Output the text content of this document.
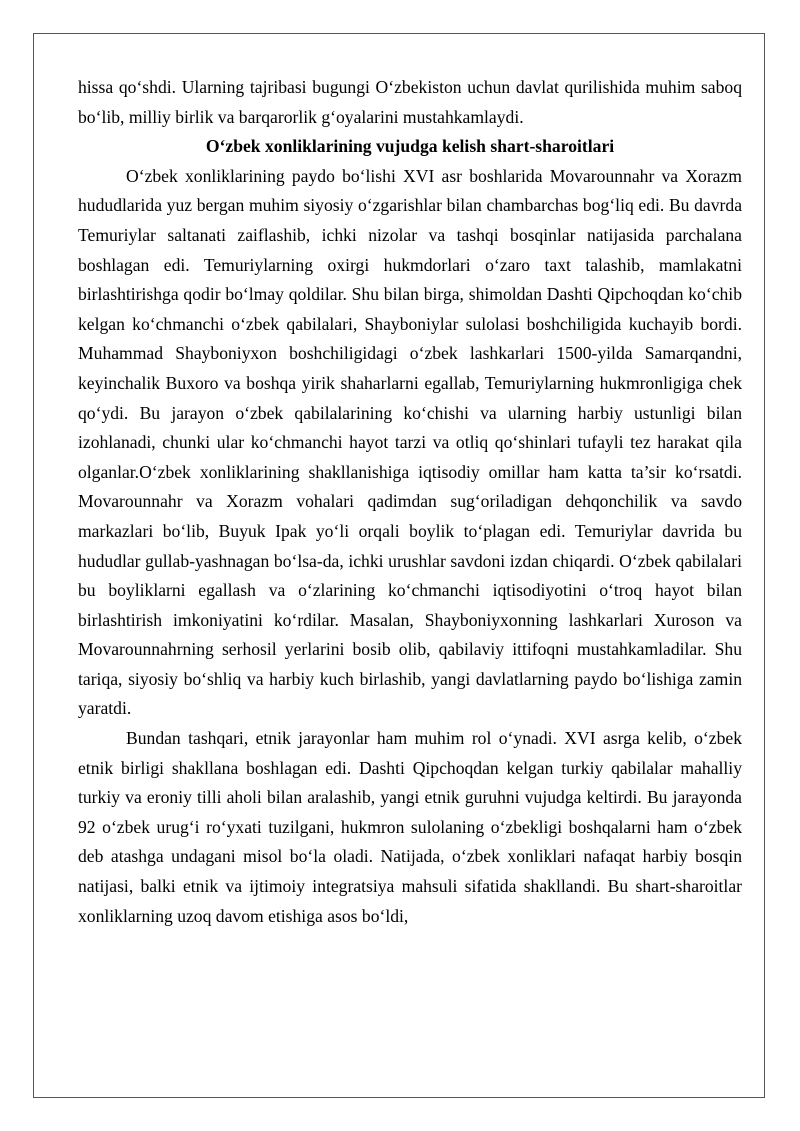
hissa qo‘shdi. Ularning tajribasi bugungi O‘zbekiston uchun davlat qurilishida muhim saboq bo‘lib, milliy birlik va barqarorlik g‘oyalarini mustahkamlaydi.

O‘zbek xonliklarining vujudga kelish shart-sharoitlari

O‘zbek xonliklarining paydo bo‘lishi XVI asr boshlarida Movarounnahr va Xorazm hududlarida yuz bergan muhim siyosiy o‘zgarishlar bilan chambarchas bog‘liq edi. Bu davrda Temuriylar saltanati zaiflashib, ichki nizolar va tashqi bosqinlar natijasida parchalana boshlagan edi. Temuriylarning oxirgi hukmdorlari o‘zaro taxt talashib, mamlakatni birlashtirishga qodir bo‘lmay qoldilar. Shu bilan birga, shimoldan Dashti Qipchoqdan ko‘chib kelgan ko‘chmanchi o‘zbek qabilalari, Shayboniylar sulolasi boshchiligida kuchayib bordi. Muhammad Shayboniyxon boshchiligidagi o‘zbek lashkarlari 1500-yilda Samarqandni, keyinchalik Buxoro va boshqa yirik shaharlarni egallab, Temuriylarning hukmronligiga chek qo‘ydi. Bu jarayon o‘zbek qabilalarining ko‘chishi va ularning harbiy ustunligi bilan izohlanadi, chunki ular ko‘chmanchi hayot tarzi va otliq qo‘shinlari tufayli tez harakat qila olganlar.O‘zbek xonliklarining shakllanishiga iqtisodiy omillar ham katta ta’sir ko‘rsatdi. Movarounnahr va Xorazm vohalari qadimdan sug‘oriladigan dehqonchilik va savdo markazlari bo‘lib, Buyuk Ipak yo‘li orqali boylik to‘plagan edi. Temuriylar davrida bu hududlar gullab-yashnagan bo‘lsa-da, ichki urushlar savdoni izdan chiqardi. O‘zbek qabilalari bu boyliklarni egallash va o‘zlarining ko‘chmanchi iqtisodiyotini o‘troq hayot bilan birlashtirish imkoniyatini ko‘rdilar. Masalan, Shayboniyxonning lashkarlari Xuroson va Movarounnahrning serhosil yerlarini bosib olib, qabilaviy ittifoqni mustahkamladilar. Shu tariqa, siyosiy bo‘shliq va harbiy kuch birlashib, yangi davlatlarning paydo bo‘lishiga zamin yaratdi.

Bundan tashqari, etnik jarayonlar ham muhim rol o‘ynadi. XVI asrga kelib, o‘zbek etnik birligi shakllana boshlagan edi. Dashti Qipchoqdan kelgan turkiy qabilalar mahalliy turkiy va eroniy tilli aholi bilan aralashib, yangi etnik guruhni vujudga keltirdi. Bu jarayonda 92 o‘zbek urug‘i ro‘yxati tuzilgani, hukmron sulolaning o‘zbekligi boshqalarni ham o‘zbek deb atashga undagani misol bo‘la oladi. Natijada, o‘zbek xonliklari nafaqat harbiy bosqin natijasi, balki etnik va ijtimoiy integratsiya mahsuli sifatida shakllandi. Bu shart-sharoitlar xonliklarning uzoq davom etishiga asos bo‘ldi,
